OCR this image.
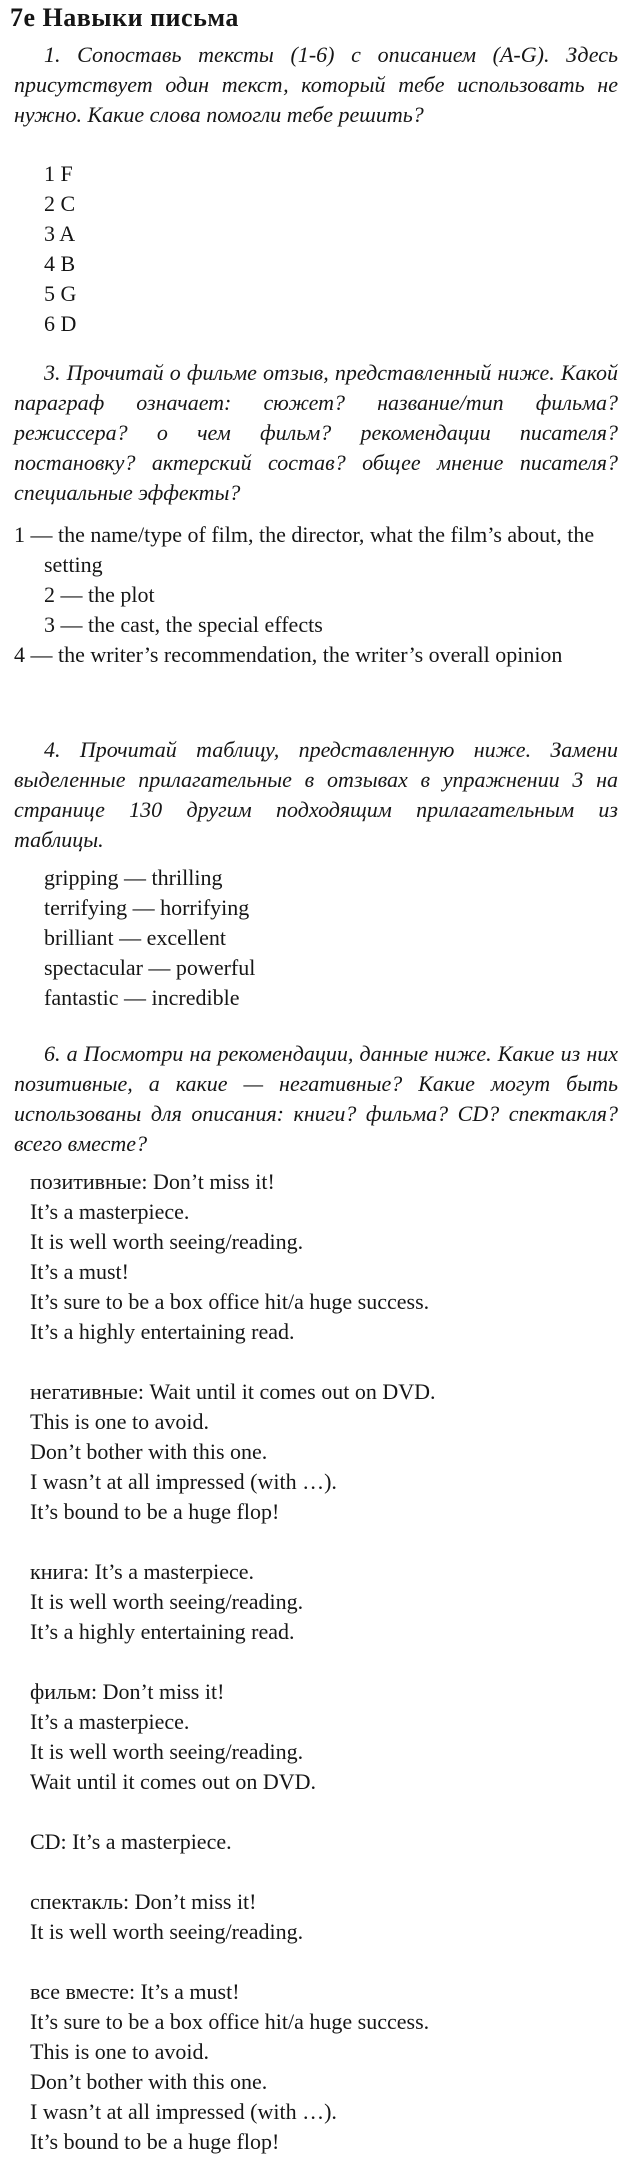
7е Навыки письма
1. Сопоставь тексты (1-6) с описанием (A-G). Здесь присутствует один текст, который тебе использовать не нужно. Какие слова помогли тебе решить?
1 F
2 C
3 A
4 B
5 G
6 D
3. Прочитай о фильме отзыв, представленный ниже. Какой параграф означает: сюжет? название/тип фильма? режиссера? о чем фильм? рекомендации писателя? постановку? актерский состав? общее мнение писателя? специальные эффекты?
1 — the name/type of film, the director, what the film’s about, the setting
2 — the plot
3 — the cast, the special effects
4 — the writer’s recommendation, the writer’s overall opinion
4. Прочитай таблицу, представленную ниже. Замени выделенные прилагательные в отзывах в упражнении 3 на странице 130 другим подходящим прилагательным из таблицы.
gripping — thrilling
terrifying — horrifying
brilliant — excellent
spectacular — powerful
fantastic — incredible
6. а Посмотри на рекомендации, данные ниже. Какие из них позитивные, а какие — негативные? Какие могут быть использованы для описания: книги? фильма? CD? спектакля? всего вместе?
позитивные: Don’t miss it!
It’s a masterpiece.
It is well worth seeing/reading.
It’s a must!
It’s sure to be a box office hit/a huge success.
It’s a highly entertaining read.
негативные: Wait until it comes out on DVD.
This is one to avoid.
Don’t bother with this one.
I wasn’t at all impressed (with …).
It’s bound to be a huge flop!
книга: It’s a masterpiece.
It is well worth seeing/reading.
It’s a highly entertaining read.
фильм: Don’t miss it!
It’s a masterpiece.
It is well worth seeing/reading.
Wait until it comes out on DVD.
CD: It’s a masterpiece.
спектакль: Don’t miss it!
It is well worth seeing/reading.
все вместе: It’s a must!
It’s sure to be a box office hit/a huge success.
This is one to avoid.
Don’t bother with this one.
I wasn’t at all impressed (with …).
It’s bound to be a huge flop!
